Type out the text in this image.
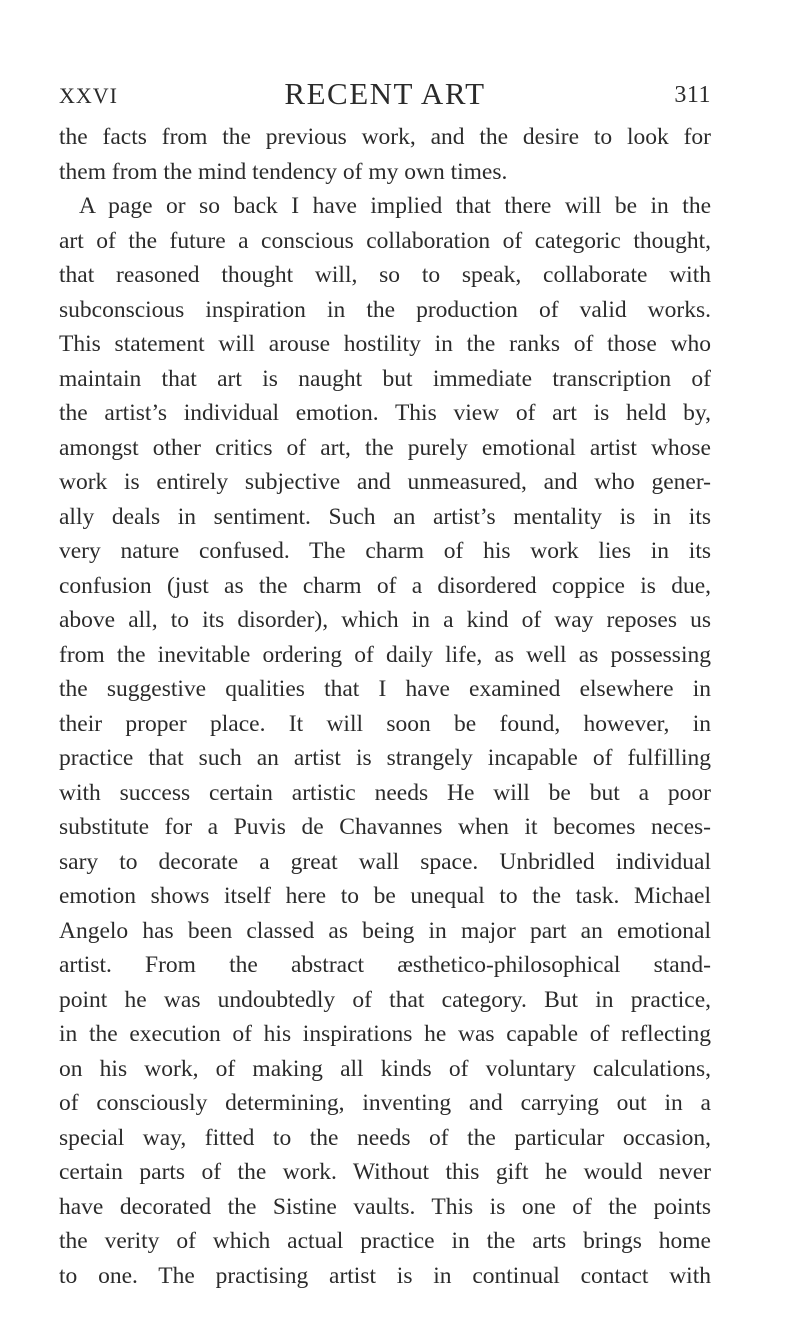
XXVI	RECENT ART	311
the facts from the previous work, and the desire to look for
them from the mind tendency of my own times.
A page or so back I have implied that there will be in the
art of the future a conscious collaboration of categoric thought,
that reasoned thought will, so to speak, collaborate with
subconscious inspiration in the production of valid works.
This statement will arouse hostility in the ranks of those who
maintain that art is naught but immediate transcription of
the artist’s individual emotion. This view of art is held by,
amongst other critics of art, the purely emotional artist whose
work is entirely subjective and unmeasured, and who gener-
ally deals in sentiment. Such an artist’s mentality is in its
very nature confused. The charm of his work lies in its
confusion (just as the charm of a disordered coppice is due,
above all, to its disorder), which in a kind of way reposes us
from the inevitable ordering of daily life, as well as possessing
the suggestive qualities that I have examined elsewhere in
their proper place. It will soon be found, however, in
practice that such an artist is strangely incapable of fulfilling
with success certain artistic needs He will be but a poor
substitute for a Puvis de Chavannes when it becomes neces-
sary to decorate a great wall space. Unbridled individual
emotion shows itself here to be unequal to the task. Michael
Angelo has been classed as being in major part an emotional
artist. From the abstract æsthetico-philosophical stand-
point he was undoubtedly of that category. But in practice,
in the execution of his inspirations he was capable of reflecting
on his work, of making all kinds of voluntary calculations,
of consciously determining, inventing and carrying out in a
special way, fitted to the needs of the particular occasion,
certain parts of the work. Without this gift he would never
have decorated the Sistine vaults. This is one of the points
the verity of which actual practice in the arts brings home
to one. The practising artist is in continual contact with
